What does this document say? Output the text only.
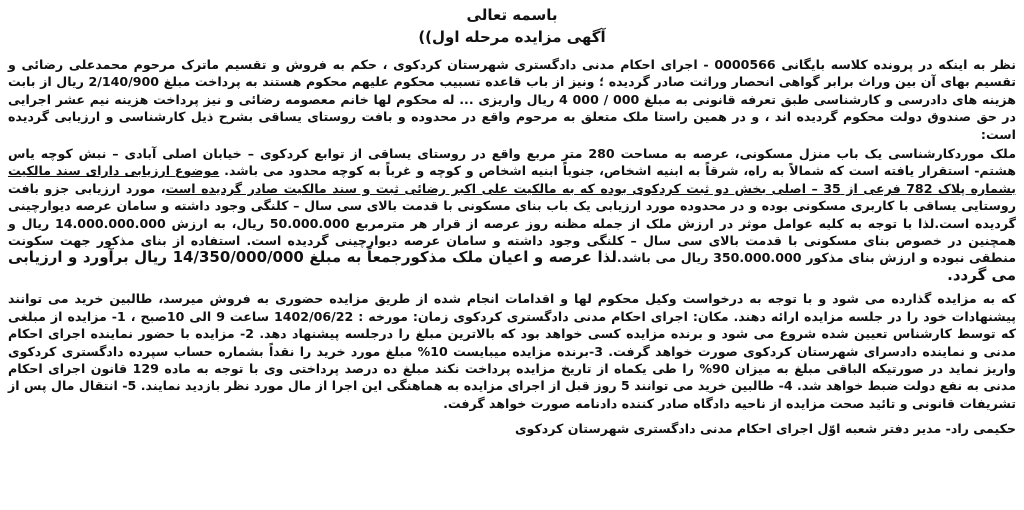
باسمه تعالی
آگهی مزایده مرحله اول))

نظر به اینکه در پرونده کلاسه بایگانی 0000566 - اجرای احکام مدنی دادگستری شهرستان کردکوی ، حکم به فروش و تقسیم ماترک مرحوم محمدعلی رضائی و تقسیم بهای آن بین وراث برابر گواهی انحصار وراثت صادر گردیده ؛ ونیز از باب قاعده تسبیب محکوم علیهم محکوم هستند به پرداخت مبلغ 2/140/900 ریال از بابت هزینه های دادرسی و کارشناسی طبق تعرفه قانونی به مبلغ 000 / 000 4 ریال واریزی ... له محکوم لها خانم معصومه رضائی و نیز پرداخت هزینه نیم عشر اجرایی در حق صندوق دولت محکوم گردیده اند ، و در همین راستا ملک متعلق به مرحوم واقع در محدوده و بافت روستای یساقی بشرح ذیل کارشناسی و ارزیابی گردیده است:

ملک موردکارشناسی یک باب منزل مسکونی، عرصه به مساحت 280 متر مربع واقع در روستای یساقی از توابع کردکوی – خیابان اصلی آبادی – نبش کوچه یاس هشتم- استقرار یافته است که شمالاً به راه، شرقاً به ابنیه اشخاص، جنوباً ابنیه اشخاص و کوچه و غرباً به کوچه محدود می باشد. موضوع ارزیابی دارای سند مالکیت بشماره پلاک 782 فرعی از 35 – اصلی بخش دو ثبت کردکوی بوده که به مالکیت علی اکبر رضائی ثبت و سند مالکیت صادر گردیده است، مورد ارزیابی جزو بافت روستایی یساقی با کاربری مسکونی بوده و در محدوده مورد ارزیابی یک باب بنای مسکونی با قدمت بالای سی سال – کلنگی وجود داشته و سامان عرصه دیوارچینی گردیده است.لذا با توجه به کلیه عوامل موثر در ارزش ملک از جمله مظنه روز عرصه از قرار هر مترمربع 50.000.000 ریال، به ارزش 14.000.000.000 ریال و همچنین در خصوص بنای مسکونی با قدمت بالای سی سال – کلنگی وجود داشته و سامان عرصه دیوارچینی گردیده است. استفاده از بنای مذکور جهت سکونت منطقی نبوده و ارزش بنای مذکور 350.000.000 ریال می باشد.لذا عرصه و اعیان ملک مذکورجمعاً به مبلغ 14/350/000/000 ریال برآورد و ارزیابی می گردد.

که به مزایده گذارده می شود و با توجه به درخواست وکیل محکوم لها و اقدامات انجام شده از طریق مزایده حضوری به فروش میرسد، طالبین خرید می توانند پیشنهادات خود را در جلسه مزایده ارائه دهند. مکان: اجرای احکام مدنی دادگستری کردکوی زمان: مورخه : 1402/06/22 ساعت 9 الی 10صبح ، 1- مزایده از مبلغی که توسط کارشناس تعیین شده شروع می شود و برنده مزایده کسی خواهد بود که بالاترین مبلغ را درجلسه پیشنهاد دهد. 2- مزایده با حضور نماینده اجرای احکام مدنی و نماینده دادسرای شهرستان کردکوی صورت خواهد گرفت. 3-برنده مزایده میبایست 10% مبلغ مورد خرید را نقداً بشماره حساب سپرده دادگستری کردکوی واریز نماید در صورتیکه الباقی مبلغ به میزان 90% را طی یکماه از تاریخ مزایده پرداخت نکند مبلغ ده درصد پرداختی وی با توجه به ماده 129 قانون اجرای احکام مدنی به نفع دولت ضبط خواهد شد. 4- طالبین خرید می توانند 5 روز قبل از اجرای مزایده به هماهنگی این اجرا از مال مورد نظر بازدید نمایند. 5- انتقال مال پس از تشریفات قانونی و تائید صحت مزایده از ناحیه دادگاه صادر کننده دادنامه صورت خواهد گرفت.

حکیمی راد- مدیر دفتر شعبه اوّل اجرای احکام مدنی دادگستری شهرستان کردکوی
